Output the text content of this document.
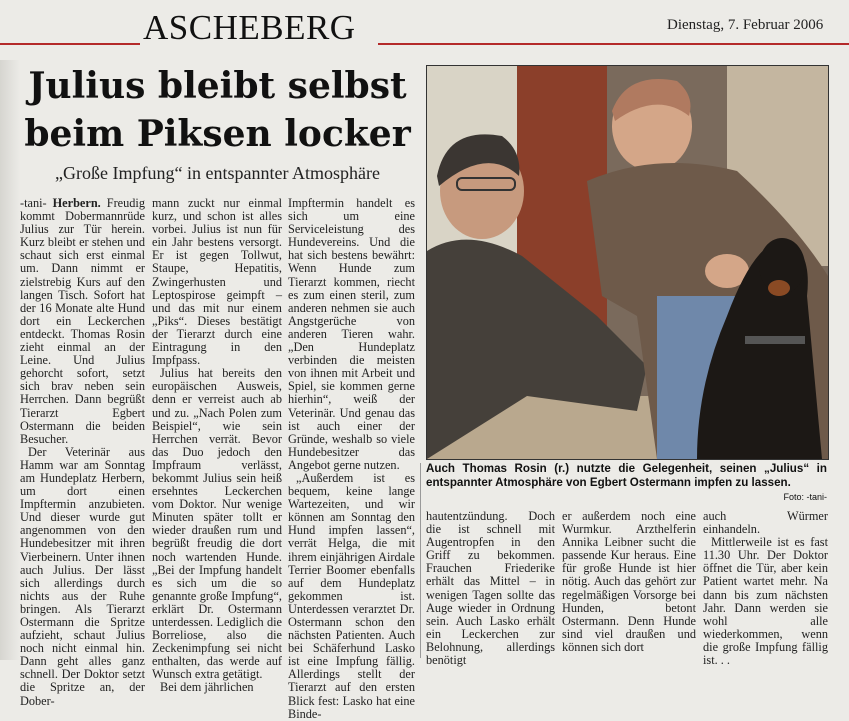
ASCHEBERG	Dienstag, 7. Februar 2006
Julius bleibt selbst
beim Piksen locker
„Große Impfung“ in entspannter Atmosphäre

-tani- Herbern. Freudig kommt Dobermannrüde Julius zur Tür herein. Kurz bleibt er stehen und schaut sich erst einmal um. Dann nimmt er zielstrebig Kurs auf den langen Tisch. Sofort hat der 16 Monate alte Hund dort ein Leckerchen entdeckt. Thomas Rosin zieht einmal an der Leine. Und Julius gehorcht sofort, setzt sich brav neben sein Herrchen. Dann begrüßt Tierarzt Egbert Ostermann die beiden Besucher.

Der Veterinär aus Hamm war am Sonntag am Hundeplatz Herbern, um dort einen Impftermin anzubieten. Und dieser wurde gut angenommen von den Hundebesitzer mit ihren Vierbeinern. Unter ihnen auch Julius. Der lässt sich allerdings durch nichts aus der Ruhe bringen. Als Tierarzt Ostermann die Spritze aufzieht, schaut Julius noch nicht einmal hin. Dann geht alles ganz schnell. Der Doktor setzt die Spritze an, der Dober-

mann zuckt nur einmal kurz, und schon ist alles vorbei. Julius ist nun für ein Jahr bestens versorgt. Er ist gegen Tollwut, Staupe, Hepatitis, Zwingerhusten und Leptospirose geimpft – und das mit nur einem „Piks“. Dieses bestätigt der Tierarzt durch eine Eintragung in den Impfpass.

Julius hat bereits den europäischen Ausweis, denn er verreist auch ab und zu. „Nach Polen zum Beispiel“, wie sein Herrchen verrät. Bevor das Duo jedoch den Impfraum verlässt, bekommt Julius sein heiß ersehntes Leckerchen vom Doktor. Nur wenige Minuten später tollt er wieder draußen rum und begrüßt freudig die dort noch wartenden Hunde. „Bei der Impfung handelt es sich um die so genannte große Impfung“, erklärt Dr. Ostermann unterdessen. Lediglich die Borreliose, also die Zeckenimpfung sei nicht enthalten, das werde auf Wunsch extra getätigt.

Bei dem jährlichen

Impftermin handelt es sich um eine Serviceleistung des Hundevereins. Und die hat sich bestens bewährt: Wenn Hunde zum Tierarzt kommen, riecht es zum einen steril, zum anderen nehmen sie auch Angstgerüche von anderen Tieren wahr. „Den Hundeplatz verbinden die meisten von ihnen mit Arbeit und Spiel, sie kommen gerne hierhin“, weiß der Veterinär. Und genau das ist auch einer der Gründe, weshalb so viele Hundebesitzer das Angebot gerne nutzen.

„Außerdem ist es bequem, keine lange Wartezeiten, und wir können am Sonntag den Hund impfen lassen“, verrät Helga, die mit ihrem einjährigen Airdale Terrier Boomer ebenfalls auf dem Hundeplatz gekommen ist. Unterdessen verarztet Dr. Ostermann schon den nächsten Patienten. Auch bei Schäferhund Lasko ist eine Impfung fällig. Allerdings stellt der Tierarzt auf den ersten Blick fest: Lasko hat eine Binde-

Auch Thomas Rosin (r.) nutzte die Gelegenheit, seinen „Julius“ in entspannter Atmosphäre von Egbert Ostermann impfen zu lassen.
Foto: -tani-

hautentzündung. Doch die ist schnell mit Augentropfen in den Griff zu bekommen. Frauchen Friederike erhält das Mittel – in wenigen Tagen sollte das Auge wieder in Ordnung sein. Auch Lasko erhält ein Leckerchen zur Belohnung, allerdings benötigt

er außerdem noch eine Wurmkur. Arzthelferin Annika Leibner sucht die passende Kur heraus. Eine für große Hunde ist hier nötig. Auch das gehört zur regelmäßigen Vorsorge bei Hunden, betont Ostermann. Denn Hunde sind viel draußen und können sich dort

auch Würmer einhandeln.

Mittlerweile ist es fast 11.30 Uhr. Der Doktor öffnet die Tür, aber kein Patient wartet mehr. Na dann bis zum nächsten Jahr. Dann werden sie wohl alle wiederkommen, wenn die große Impfung fällig ist. . .
